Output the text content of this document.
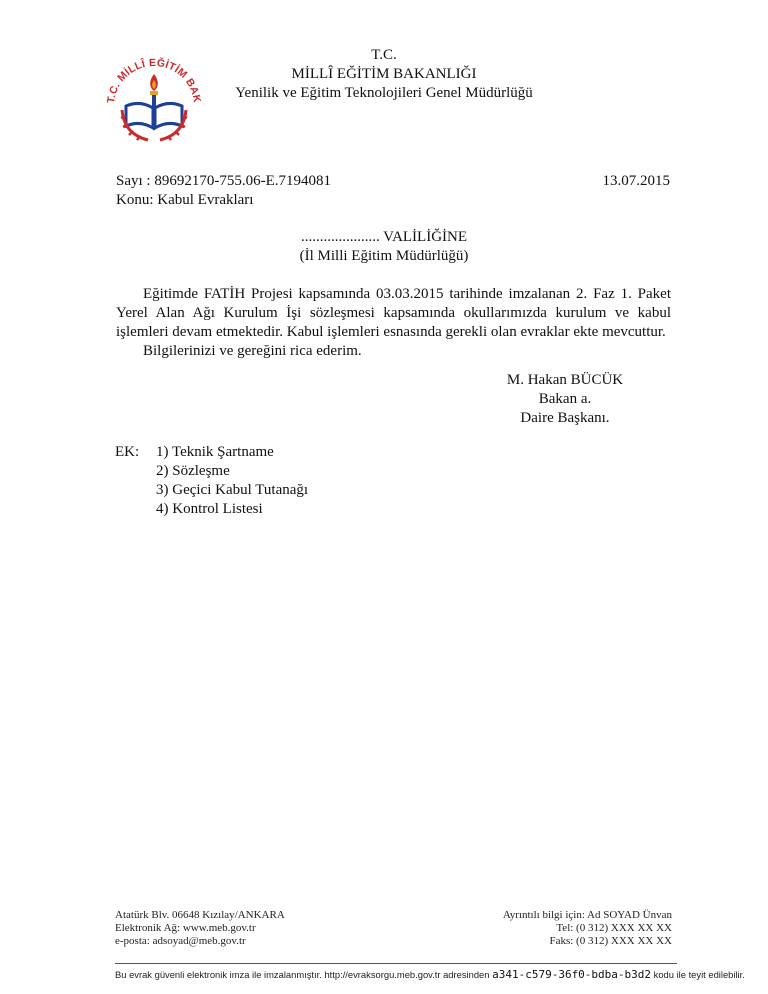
T.C. MİLLÎ EĞİTİM BAK
T.C.
MİLLÎ EĞİTİM BAKANLIĞI
Yenilik ve Eğitim Teknolojileri Genel Müdürlüğü
Sayı : 89692170-755.06-E.7194081	13.07.2015
Konu: Kabul Evrakları
..................... VALİLİĞİNE
(İl Milli Eğitim Müdürlüğü)
Eğitimde FATİH Projesi kapsamında 03.03.2015 tarihinde imzalanan 2. Faz 1. Paket Yerel Alan Ağı Kurulum İşi sözleşmesi kapsamında okullarımızda kurulum ve kabul işlemleri devam etmektedir. Kabul işlemleri esnasında gerekli olan evraklar ekte mevcuttur.
Bilgilerinizi ve gereğini rica ederim.
M. Hakan BÜCÜK
Bakan a.
Daire Başkanı.
EK: 1) Teknik Şartname
2) Sözleşme
3) Geçici Kabul Tutanağı
4) Kontrol Listesi
Atatürk Blv. 06648 Kızılay/ANKARA
Elektronik Ağ: www.meb.gov.tr
e-posta: adsoyad@meb.gov.tr
Ayrıntılı bilgi için: Ad SOYAD Ünvan
Tel: (0 312) XXX XX XX
Faks: (0 312) XXX XX XX
Bu evrak güvenli elektronik imza ile imzalanmıştır. http://evraksorgu.meb.gov.tr adresinden a341-c579-36f0-bdba-b3d2 kodu ile teyit edilebilir.
